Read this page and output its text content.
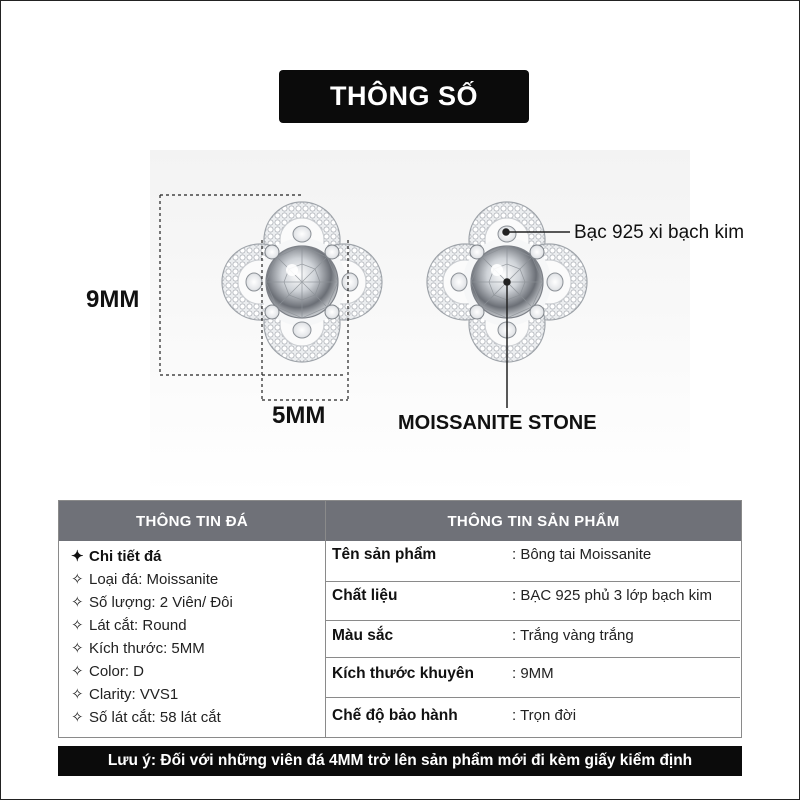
THÔNG SỐ
9MM
5MM	MOISSANITE STONE
Bạc 925 xi bạch kim
THÔNG TIN ĐÁ
✦ Chi tiết đá
✧ Loại đá: Moissanite
✧ Số lượng: 2 Viên/ Đôi
✧ Lát cắt: Round
✧ Kích thước: 5MM
✧ Color: D
✧ Clarity: VVS1
✧ Số lát cắt: 58 lát cắt
THÔNG TIN SẢN PHẨM
Tên sản phẩm	: Bông tai Moissanite
Chất liệu	: BẠC 925 phủ 3 lớp bạch kim
Màu sắc	: Trắng vàng trắng
Kích thước khuyên	: 9MM
Chế độ bảo hành	: Trọn đời
Lưu ý: Đối với những viên đá 4MM trở lên sản phẩm mới đi kèm giấy kiểm định
